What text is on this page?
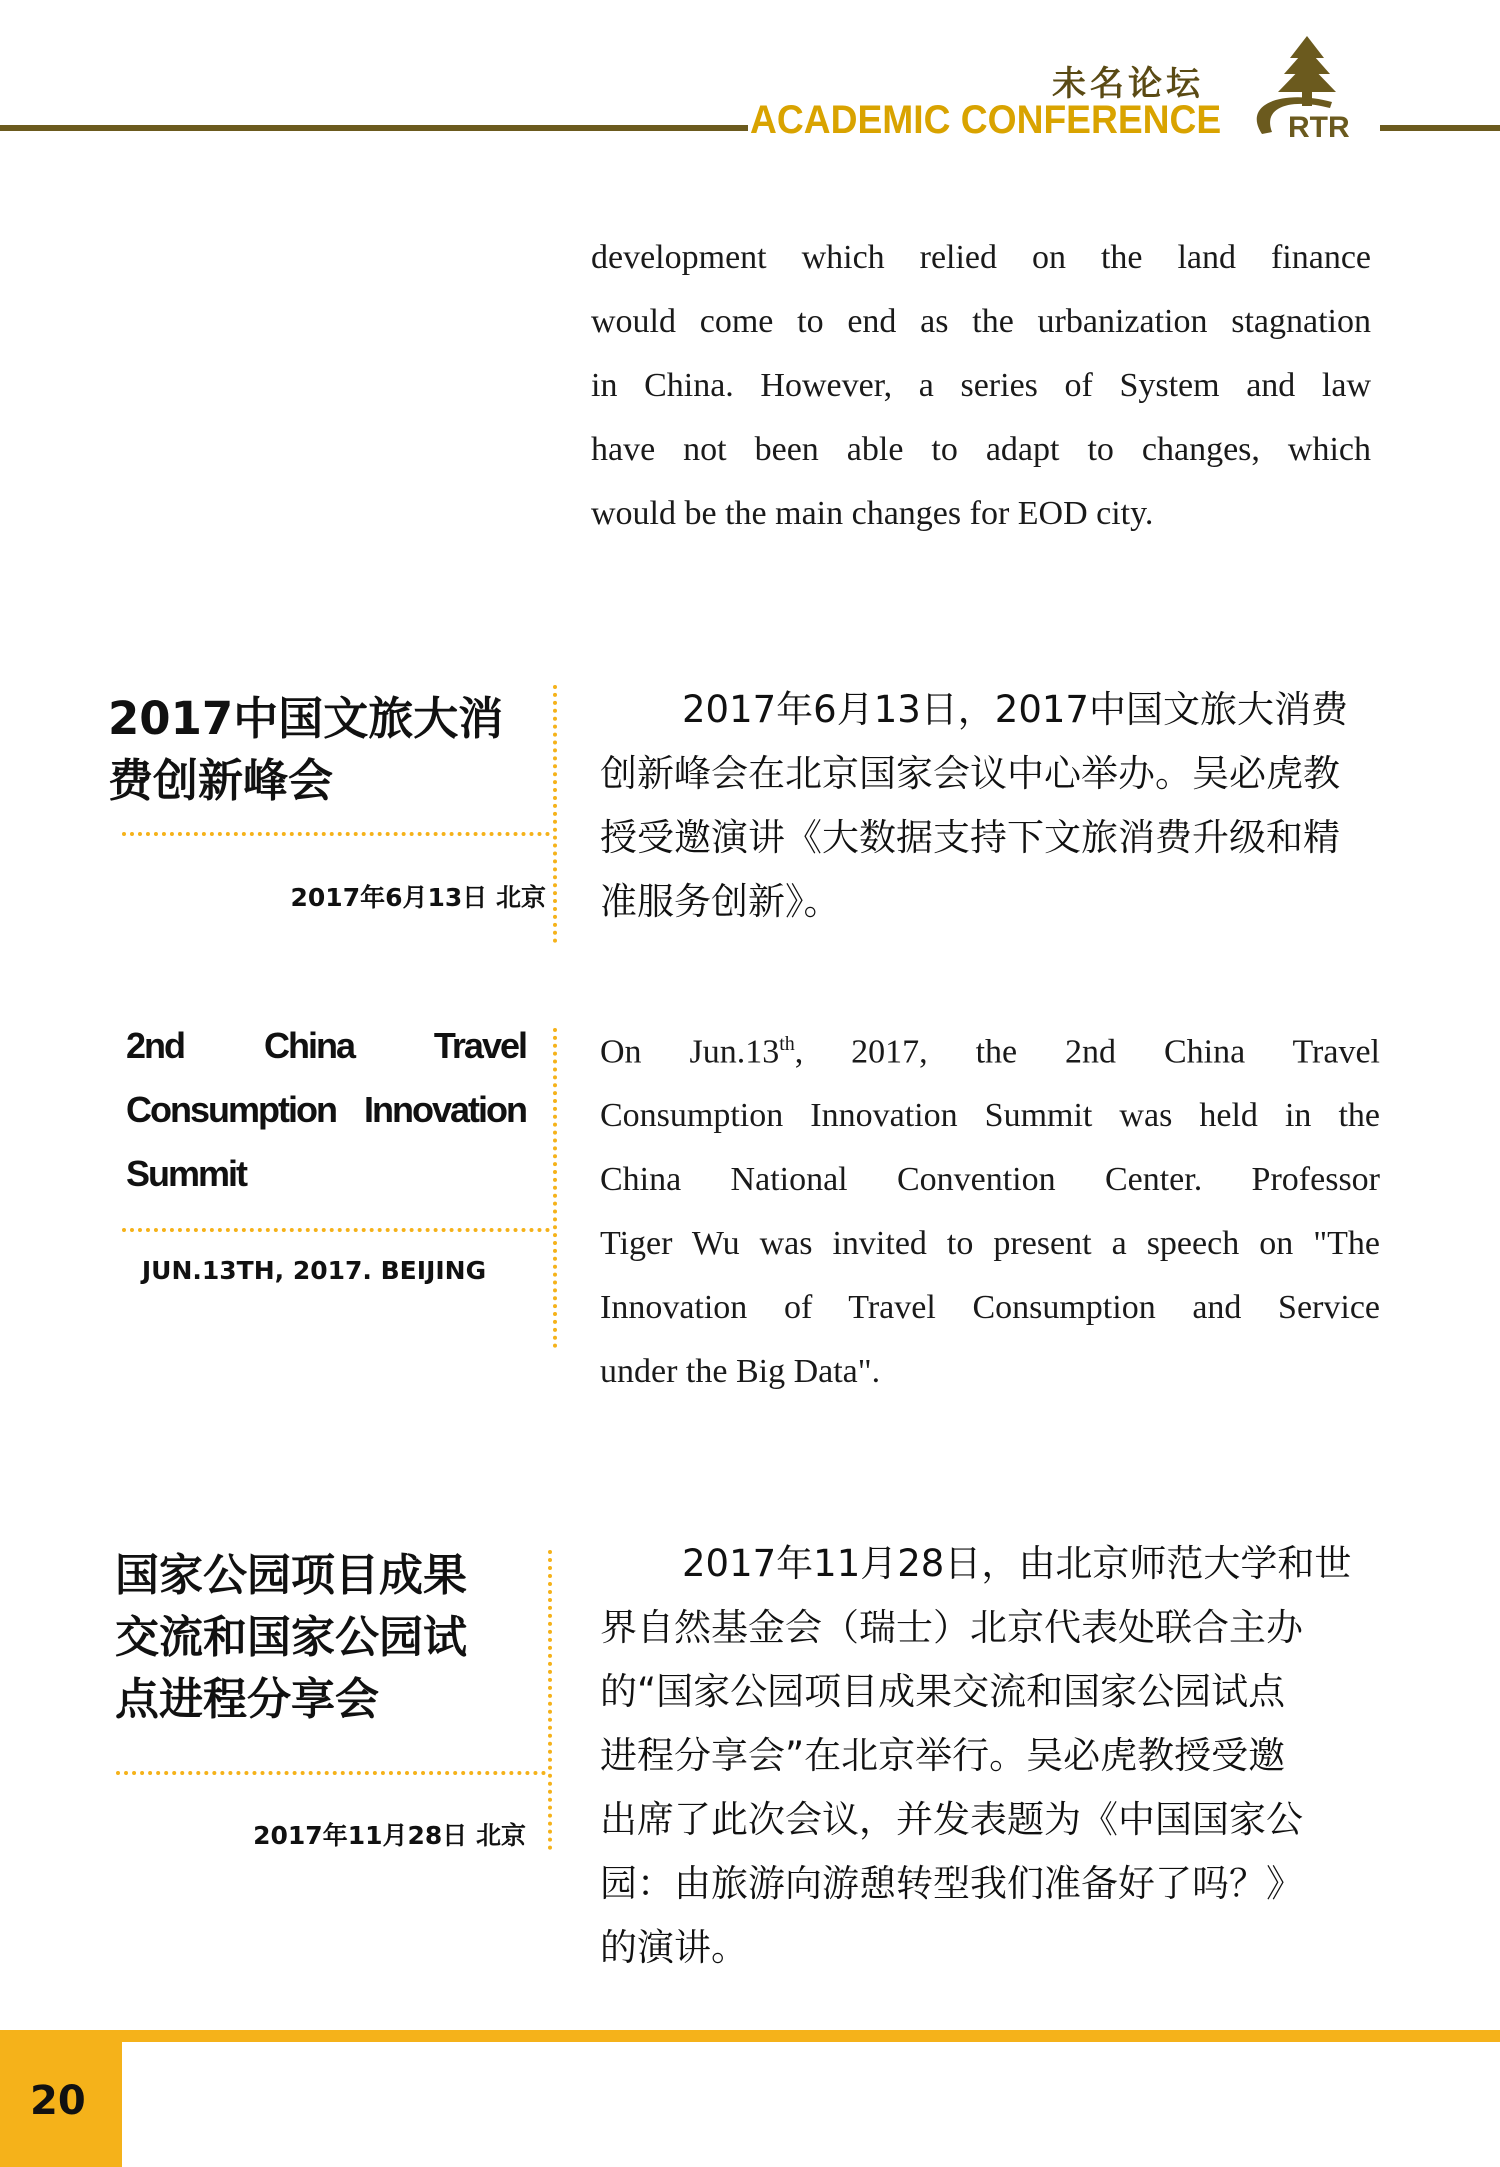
未名论坛
ACADEMIC CONFERENCE RTR
development which relied on the land finance
would come to end as the urbanization stagnation
in China. However, a series of System and law
have not been able to adapt to changes, which
would be the main changes for EOD city.
2017中国文旅大消
费创新峰会
2017年6月13日 北京
2017年6月13日，2017中国文旅大消费
创新峰会在北京国家会议中心举办。吴必虎教
授受邀演讲《大数据支持下文旅消费升级和精
准服务创新》。
2nd China Travel
Consumption Innovation
Summit
JUN.13TH, 2017. BEIJING
On Jun.13th, 2017, the 2nd China Travel
Consumption Innovation Summit was held in the
China National Convention Center. Professor
Tiger Wu was invited to present a speech on "The
Innovation of Travel Consumption and Service
under the Big Data".
国家公园项目成果
交流和国家公园试
点进程分享会
2017年11月28日 北京
2017年11月28日，由北京师范大学和世
界自然基金会（瑞士）北京代表处联合主办
的“国家公园项目成果交流和国家公园试点
进程分享会”在北京举行。吴必虎教授受邀
出席了此次会议，并发表题为《中国国家公
园：由旅游向游憩转型我们准备好了吗？》
的演讲。
20
